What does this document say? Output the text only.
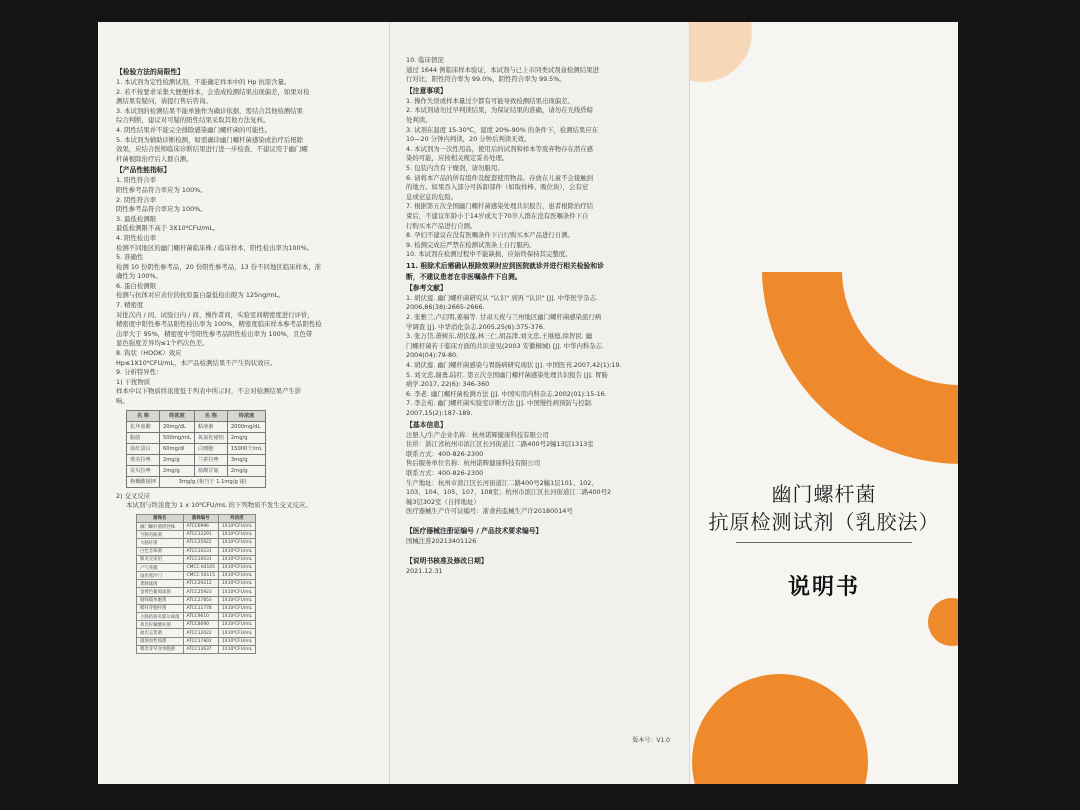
【检验方法的局限性】

1. 本试剂为定性检测试剂，不能确定样本中的 Hp 抗原含量。

2. 若不按要求采集大便便样本，会造成检测结果出现偏差，如果对检

测结果有疑问，请提行售后咨询。

3. 本试剂的检测结果不能单独作为确诊依据，需结合其他检测结果

综合判断，建议对可疑的阳性结果采取其他方法复核。

4. 阴性结果并不能完全排除感染幽门螺杆菌的可能性。

5. 本试剂为辅助诊断检测，如需确诊幽门螺杆菌感染或治疗后根除

效果，应结合医师临床诊断结果进行进一步检查，不建议用于幽门螺

杆菌根除治疗后人群自测。

【产品性能指标】

1. 阳性符合率

阳性参考品符合率应为 100%。

2. 阴性符合率

阴性参考品符合率应为 100%。

3. 最低检测限

最低检测限不高于 3X10⁴CFU/mL。

4. 阳性检出率

检测不同地区的幽门螺杆菌临床株 / 临床样本，阳性检出率为100%。

5. 准确性

检测 10 份阴性参考品，20 份阳性参考品，13 份不同地区临床样本，准

确性为 100%。

6. 蛋白检测限

检测与抗体对应表位的抗原蛋白最低检出限为 125ng/mL。

7. 精密度

对批次内 / 间、试验日内 / 间、操作者间，实验室间精密度进行评价，

精密度中阳性参考品阳性检出率为 100%，精密度临床样本参考品阳性检

出率大于 95%，精密度中等阳性参考品阳性检出率为 100%，且色带

显色强度差异均≤1个档次色差。

8. 钩状（HOOK）效应

Hp≤1X10⁹CFU/mL，本产品检测结果不产生钩状效应。

9. 分析特异性：

1) 干扰物质

样本中以下物质终浓度低于列表中所示时，不会对检测结果产生影

响。

名 称	终浓度	名 称	终浓度
抗坏血酸	20mg/dL	粘液素	2000mg/dL
脂肪	500mg/mL	氧氯化铋铝	2mg/g
血红蛋白	60mg/dl	白细胞	15000个/mL
奥美拉唑	2mg/g	兰索拉唑	3mg/g
雷贝拉唑	2mg/g	盐酸甘氨	2mg/g
枸橼酸铋钾	3mg/g (相当于 1.1mg/g 铋)		

2) 交叉反应

本试剂与终浓度为 1 x 10⁸CFU/mL 的下列物质不发生交叉反应。

菌株名	菌株编号	终浓度
幽门螺杆菌阴性株	ATCC6996	1X10⁸CFU/mL
空肠弯曲菌	ATCC33291	1X10⁸CFU/mL
大肠杆菌	ATCC25922	1X10⁸CFU/mL
白色念珠菌	ATCC10231	1X10⁸CFU/mL
肺炎克雷伯	ATCC10031	1X10⁸CFU/mL
产气荚膜	CMCC 64165	1X10⁸CFU/mL
鼠伤寒沙门	CMCC 50115	1X10⁸CFU/mL
粪肠球菌	ATCC29212	1X10⁸CFU/mL
金黄色葡萄球菌	ATCC25923	1X10⁸CFU/mL
铜绿假单胞菌	ATCC27853	1X10⁸CFU/mL
蜡样芽胞杆菌	ATCC11778	1X10⁸CFU/mL
小肠结肠炎耶尔森菌	ATCC9610	1X10⁸CFU/mL
弗氏柠檬酸杆菌	ATCC8090	1X10⁸CFU/mL
福氏志贺菌	ATCC12022	1X10⁸CFU/mL
副溶血性弧菌	ATCC17802	1X10⁸CFU/mL
嗜麦芽窄食单胞菌	ATCC13637	1X10⁸CFU/mL

10. 临床情况

通过 1644 例临床样本验证，本试剂与已上市同类试剂盒检测结果进

行对比，阳性符合率为 99.0%，阴性符合率为 99.5%。

【注意事项】

1. 操作失误或样本量过少都有可能导致检测结果出现偏差。

2. 本试剂请勿过早判读结果，为保证结果的准确，请勿在光线昏暗

处判读。

3. 试剂在温度 15-30℃，湿度 20%-90% 的条件下，检测结果应在

10—20 分钟内判读，20 分钟后判读无效。

4. 本试剂为一次性用品，使用后的试剂和样本等废弃物存在潜在感

染的可能，应按相关规定妥善处理。

5. 包装内含有干燥剂，请勿服用。

6. 请将本产品的所有组件及配套使用物品、存放在儿童不会接触到

的地方。如果吞入部分可拆卸部件（如取样棒、吸位块），会有窒

息或窒息的危险。

7. 根据第五次全国幽门螺杆菌感染处理共识报告，患者根除治疗结

束后，不建议年龄小于14岁或大于70岁人群在没有医嘱条件下自

行购买本产品进行自测。

8. 孕妇不建议在没有医嘱条件下自行购买本产品进行自测。

9. 检测完成后严禁在检测试剂条上自行服药。

10. 本试剂在检测过程中不能缺损，应始终保持其完整度。

11. 根除术后需确认根除效果时应到医院就诊并进行相关检验和诊

断，不建议患者在非医嘱条件下自测。

【参考文献】

1. 胡伏莲. 幽门螺杆菌研究从 "认识" 到再 "认识" [J]. 中华医学杂志.

2006,86(38):2665-2666.

2. 张雅兰,卢启明,姜瑞等. 甘肃天祝与兰州地区幽门螺杆菌感染流行病

学调查 [J]. 中华消化杂志.2005,25(6):375-376.

3. 张万岱,萧树东,胡伏莲,林三仁,胡品津,刘文忠,王继德,徐智民. 幽

门螺杆菌若干临床方面的共识意见(2003 安徽桐城) [J]. 中华内科杂志.

2004(04):79-80.

4. 胡伏莲. 幽门螺杆菌感染与胃肠病研究现状 [J]. 中国医刊.2007,42(1):19.

5. 刘文忠,谢勇,陆红. 第五次全国幽门螺杆菌感染处理共识报告 [J]. 胃肠

病学.2017, 22(6): 346-360

6. 李老. 幽门螺杆菌检测方法 [J]. 中国实用内科杂志.2002(01):15-16.

7. 李会苑. 幽门螺杆菌实验室诊断方法 [J]. 中国慢性病预防与控制.

2007,15(2):187-189.

【基本信息】

注册人/生产企业名称：杭州诺辉健康科技有限公司

住所：浙江省杭州市滨江区长河街道江二路400号2幢13层1313室

联系方式：400-826-2300

售后服务单位名称：杭州诺辉健康科技有限公司

联系方式：400-826-2300

生产地址：杭州市滨江区长河街道江二路400号2幢1层101、102、

103、104、105、107、108室；杭州市滨江区长河街道江二路400号2

幢3层302室（自择地址）

医疗器械生产许可证编号：浙食药监械生产许20180014号

【医疗器械注册证编号 / 产品技术要求编号】

国械注准20213401126

【说明书核准及修改日期】

2021.12.31

版本号：V1.0
幽门螺杆菌
抗原检测试剂（乳胶法）
说明书
